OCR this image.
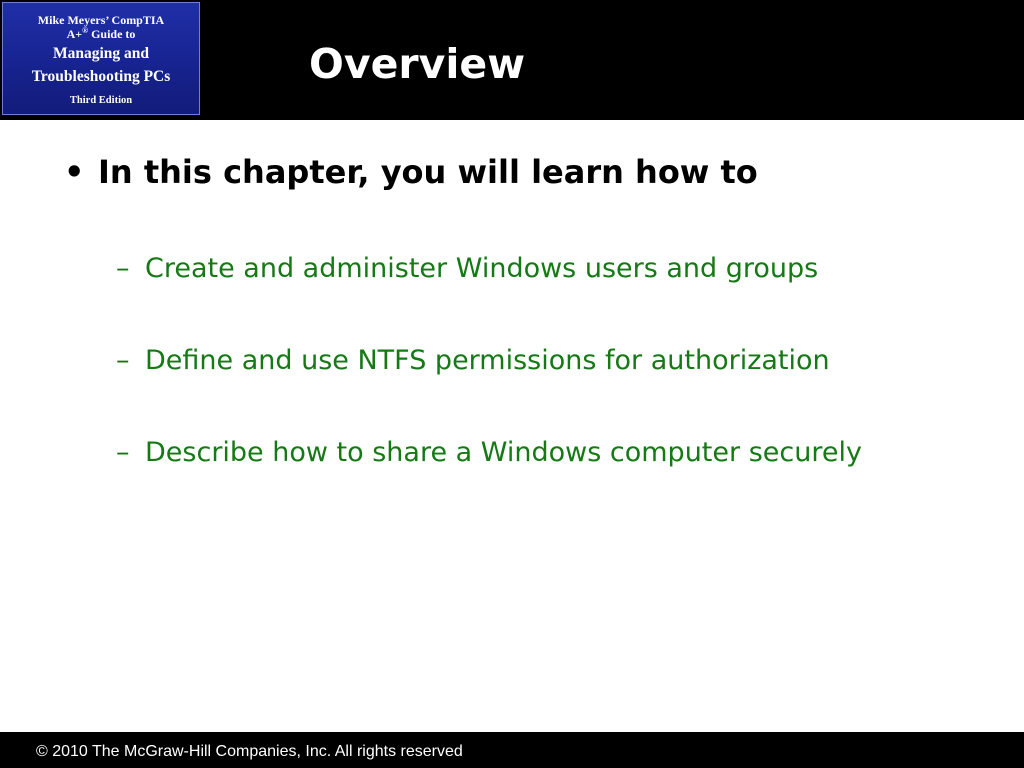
Mike Meyers’ CompTIA
A+® Guide to
Managing and
Troubleshooting PCs
Third Edition
Overview
• In this chapter, you will learn how to
– Create and administer Windows users and groups
– Define and use NTFS permissions for authorization
– Describe how to share a Windows computer securely
© 2010 The McGraw-Hill Companies, Inc. All rights reserved
